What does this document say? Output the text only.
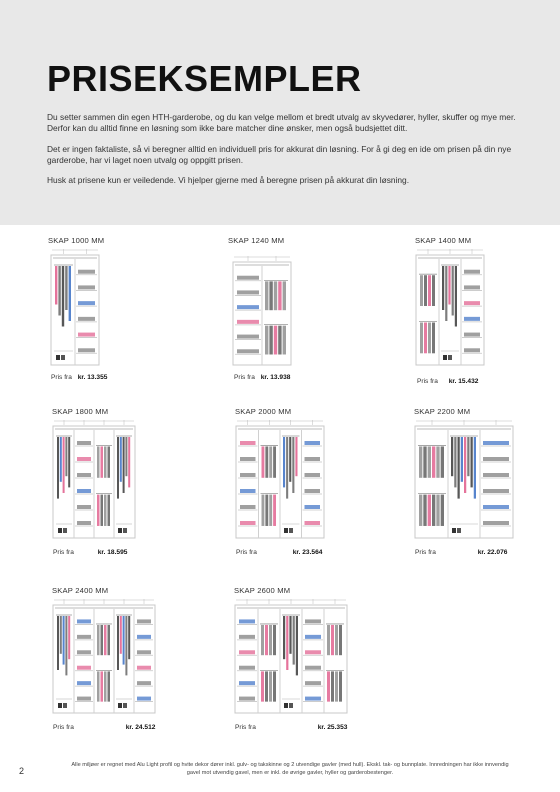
PRISEKSEMPLER

Du setter sammen din egen HTH-garderobe, og du kan velge mellom et bredt utvalg av skyvedører, hyller, skuffer og mye mer. Derfor kan du alltid finne en løsning som ikke bare matcher dine ønsker, men også budsjettet ditt.

Det er ingen faktaliste, så vi beregner alltid en individuell pris for akkurat din løsning. For å gi deg en ide om prisen på din nye garderobe, har vi laget noen utvalg og oppgitt prisen.

Husk at prisene kun er veiledende. Vi hjelper gjerne med å beregne prisen på akkurat din løsning.

SKAP 1000 MM
Pris fra kr. 13.355
SKAP 1240 MM
Pris fra kr. 13.938
SKAP 1400 MM
Pris fra kr. 15.432
SKAP 1800 MM
Pris fra	kr. 18.595
SKAP 2000 MM
Pris fra	kr. 23.564
SKAP 2200 MM
Pris fra	kr. 22.076
SKAP 2400 MM
Pris fra	kr. 24.512
SKAP 2600 MM
Pris fra	kr. 25.353
Alle miljøer er regnet med Alu Light profil og hvite dekor dører inkl. gulv- og takskinne og 2 utvendige gavler (med hull). Ekskl. tak- og bunnplate. Innredningen har ikke innvendig gavel mot utvendig gavel, men er inkl. de øvrige gavler, hyller og garderobestenger.
2
